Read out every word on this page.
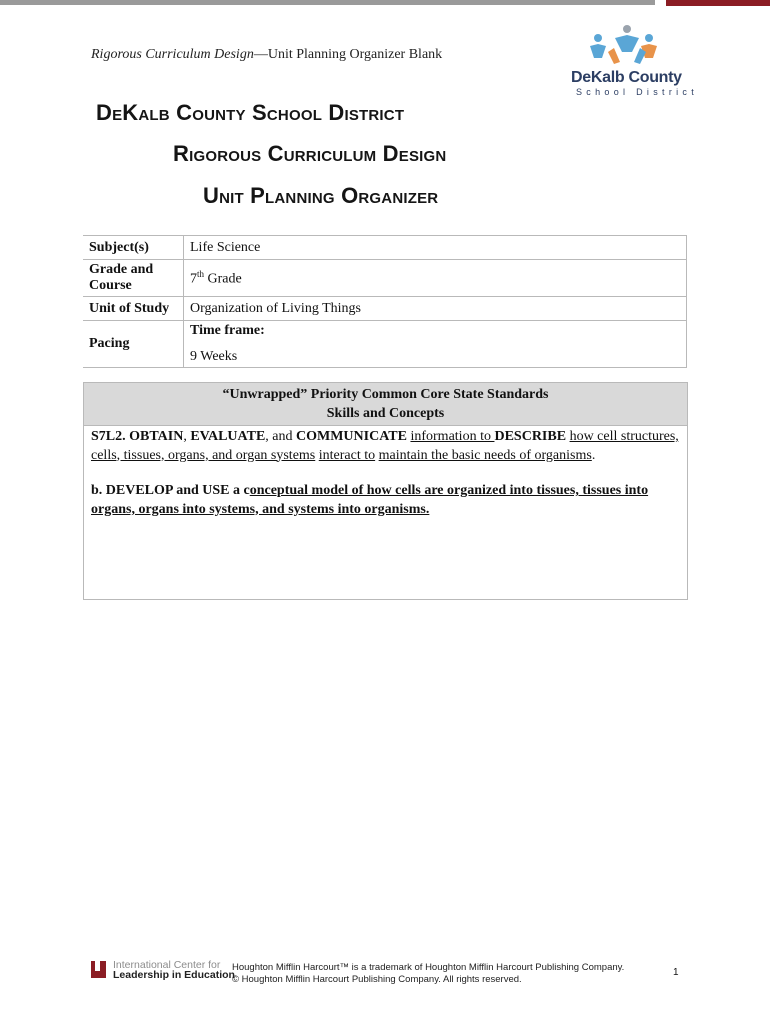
Rigorous Curriculum Design—Unit Planning Organizer Blank
DeKalb County
School District
DeKalb County School District
Rigorous Curriculum Design
Unit Planning Organizer
Subject(s)	Life Science
Grade and Course	7th Grade
Unit of Study	Organization of Living Things
Pacing	Time frame:
9 Weeks
“Unwrapped” Priority Common Core State Standards
Skills and Concepts

S7L2. OBTAIN, EVALUATE, and COMMUNICATE information to DESCRIBE how cell structures, cells, tissues, organs, and organ systems interact to maintain the basic needs of organisms.

b. DEVELOP and USE a conceptual model of how cells are organized into tissues, tissues into organs, organs into systems, and systems into organisms.

International Center for
Leadership in Education
Houghton Mifflin Harcourt™ is a trademark of Houghton Mifflin Harcourt Publishing Company.
© Houghton Mifflin Harcourt Publishing Company. All rights reserved.
1
